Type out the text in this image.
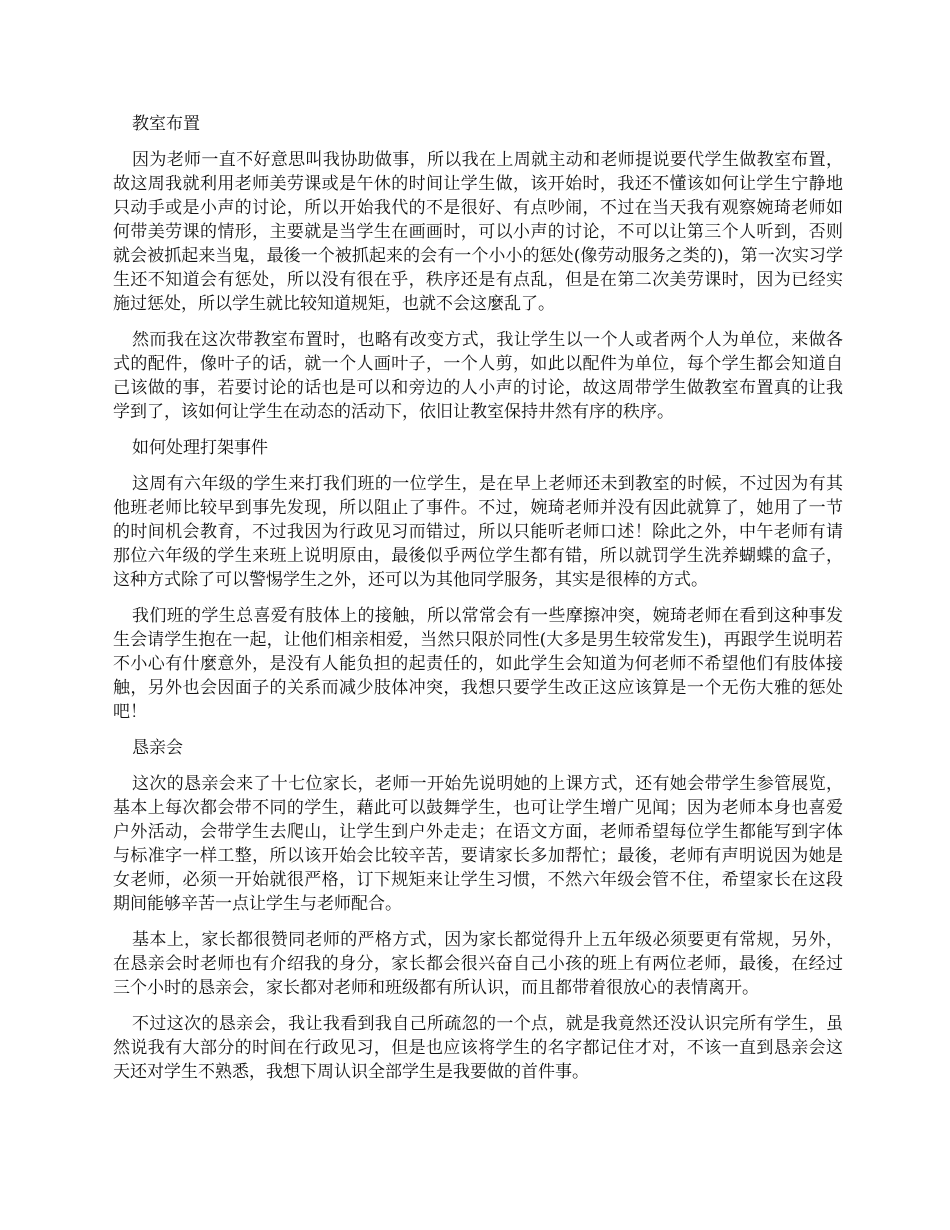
教室布置

因为老师一直不好意思叫我协助做事，所以我在上周就主动和老师提说要代学生做教室布置，故这周我就利用老师美劳课或是午休的时间让学生做，该开始时，我还不懂该如何让学生宁静地只动手或是小声的讨论，所以开始我代的不是很好、有点吵闹，不过在当天我有观察婉琦老师如何带美劳课的情形，主要就是当学生在画画时，可以小声的讨论，不可以让第三个人听到，否则就会被抓起来当鬼，最後一个被抓起来的会有一个小小的惩处(像劳动服务之类的)，第一次实习学生还不知道会有惩处，所以没有很在乎，秩序还是有点乱，但是在第二次美劳课时，因为已经实施过惩处，所以学生就比较知道规矩，也就不会这麼乱了。

然而我在这次带教室布置时，也略有改变方式，我让学生以一个人或者两个人为单位，来做各式的配件，像叶子的话，就一个人画叶子，一个人剪，如此以配件为单位，每个学生都会知道自己该做的事，若要讨论的话也是可以和旁边的人小声的讨论，故这周带学生做教室布置真的让我学到了，该如何让学生在动态的活动下，依旧让教室保持井然有序的秩序。

如何处理打架事件

这周有六年级的学生来打我们班的一位学生，是在早上老师还未到教室的时候，不过因为有其他班老师比较早到事先发现，所以阻止了事件。不过，婉琦老师并没有因此就算了，她用了一节的时间机会教育，不过我因为行政见习而错过，所以只能听老师口述！除此之外，中午老师有请那位六年级的学生来班上说明原由，最後似乎两位学生都有错，所以就罚学生洗养蝴蝶的盒子，这种方式除了可以警惕学生之外，还可以为其他同学服务，其实是很棒的方式。

我们班的学生总喜爱有肢体上的接触，所以常常会有一些摩擦冲突，婉琦老师在看到这种事发生会请学生抱在一起，让他们相亲相爱，当然只限於同性(大多是男生较常发生)，再跟学生说明若不小心有什麼意外，是没有人能负担的起责任的，如此学生会知道为何老师不希望他们有肢体接触，另外也会因面子的关系而减少肢体冲突，我想只要学生改正这应该算是一个无伤大雅的惩处吧！

恳亲会

这次的恳亲会来了十七位家长，老师一开始先说明她的上课方式，还有她会带学生参管展览，基本上每次都会带不同的学生，藉此可以鼓舞学生，也可让学生增广见闻；因为老师本身也喜爱户外活动，会带学生去爬山，让学生到户外走走；在语文方面，老师希望每位学生都能写到字体与标准字一样工整，所以该开始会比较辛苦，要请家长多加帮忙；最後，老师有声明说因为她是女老师，必须一开始就很严格，订下规矩来让学生习惯，不然六年级会管不住，希望家长在这段期间能够辛苦一点让学生与老师配合。

基本上，家长都很赞同老师的严格方式，因为家长都觉得升上五年级必须要更有常规，另外，在恳亲会时老师也有介绍我的身分，家长都会很兴奋自己小孩的班上有两位老师，最後，在经过三个小时的恳亲会，家长都对老师和班级都有所认识，而且都带着很放心的表情离开。

不过这次的恳亲会，我让我看到我自己所疏忽的一个点，就是我竟然还没认识完所有学生，虽然说我有大部分的时间在行政见习，但是也应该将学生的名字都记住才对，不该一直到恳亲会这天还对学生不熟悉，我想下周认识全部学生是我要做的首件事。
